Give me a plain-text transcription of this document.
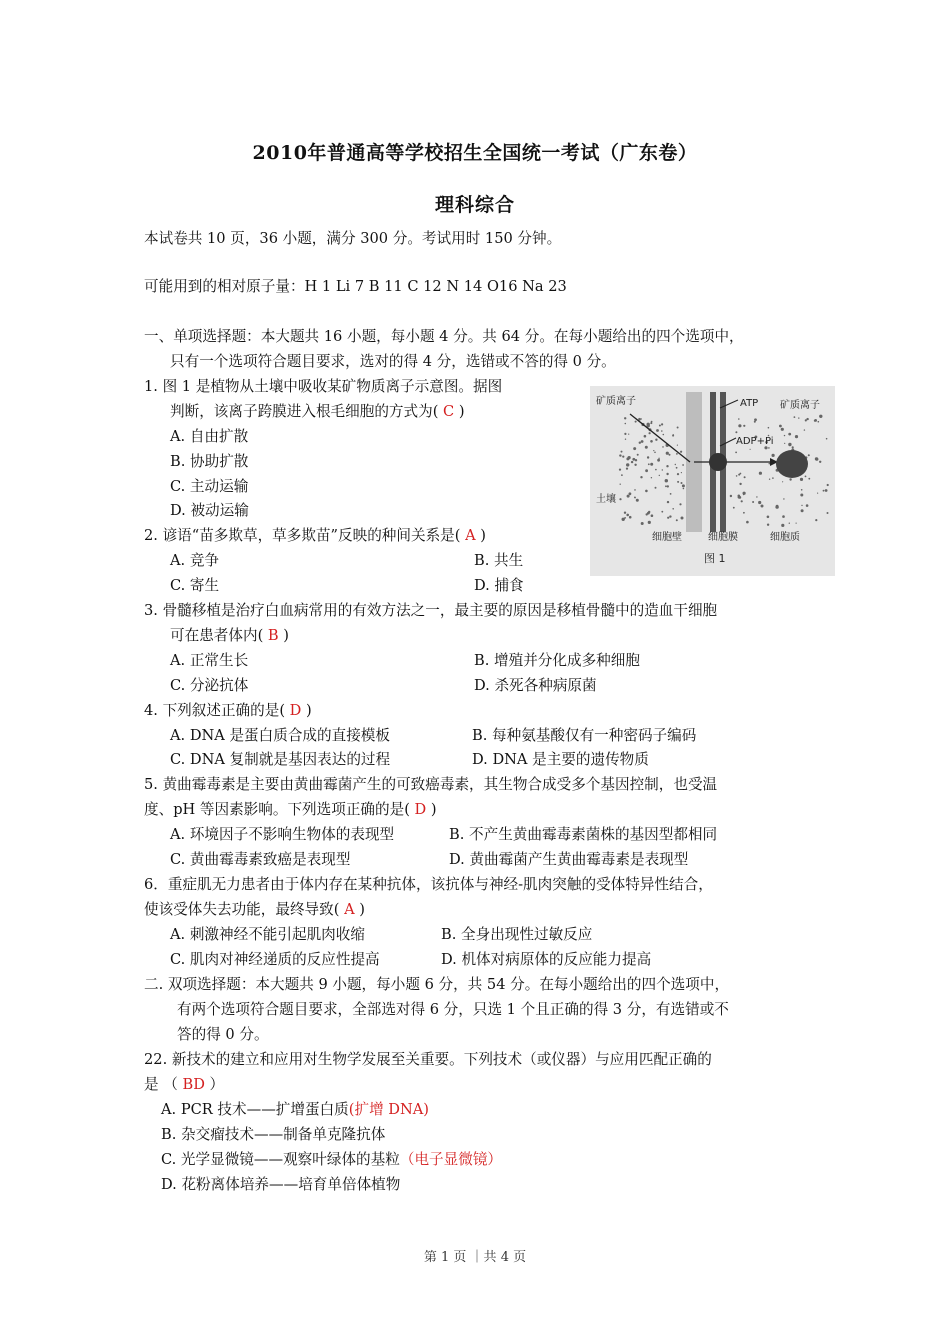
2010年普通高等学校招生全国统一考试（广东卷）
理科综合
本试卷共 10 页，36 小题，满分 300 分。考试用时 150 分钟。
可能用到的相对原子量：H 1 Li 7 B 11 C 12 N 14 O16 Na 23
一、单项选择题：本大题共 16 小题，每小题 4 分。共 64 分。在每小题给出的四个选项中，
只有一个选项符合题目要求，选对的得 4 分，选错或不答的得 0 分。
1. 图 1 是植物从土壤中吸收某矿物质离子示意图。据图
判断，该离子跨膜进入根毛细胞的方式为( C )
A. 自由扩散
B. 协助扩散
C. 主动运输
D. 被动运输
2. 谚语“苗多欺草，草多欺苗”反映的种间关系是( A )
A. 竞争	B. 共生
C. 寄生	D. 捕食
3. 骨髓移植是治疗白血病常用的有效方法之一，最主要的原因是移植骨髓中的造血干细胞
可在患者体内( B )
A. 正常生长	B. 增殖并分化成多种细胞
C. 分泌抗体	D. 杀死各种病原菌
4. 下列叙述正确的是( D )
A. DNA 是蛋白质合成的直接模板	B. 每种氨基酸仅有一种密码子编码
C. DNA 复制就是基因表达的过程	D. DNA 是主要的遗传物质
5. 黄曲霉毒素是主要由黄曲霉菌产生的可致癌毒素，其生物合成受多个基因控制，也受温
度、pH 等因素影响。下列选项正确的是( D )
A. 环境因子不影响生物体的表现型	B. 不产生黄曲霉毒素菌株的基因型都相同
C. 黄曲霉毒素致癌是表现型	D. 黄曲霉菌产生黄曲霉毒素是表现型
6．重症肌无力患者由于体内存在某种抗体，该抗体与神经-肌肉突触的受体特异性结合，
使该受体失去功能，最终导致( A )
A. 刺激神经不能引起肌肉收缩	B. 全身出现性过敏反应
C. 肌肉对神经递质的反应性提高	D. 机体对病原体的反应能力提高
二. 双项选择题：本大题共 9 小题，每小题 6 分，共 54 分。在每小题给出的四个选项中，
有两个选项符合题目要求，全部选对得 6 分，只选 1 个且正确的得 3 分，有选错或不
答的得 0 分。
22. 新技术的建立和应用对生物学发展至关重要。下列技术（或仪器）与应用匹配正确的
是 （ BD ）
A. PCR 技术——扩增蛋白质(扩增 DNA)
B. 杂交瘤技术——制备单克隆抗体
C. 光学显微镜——观察叶绿体的基粒（电子显微镜）
D. 花粉离体培养——培育单倍体植物
矿质离子
土壤
ATP
ADP+Pi
矿质离子
细胞壁	细胞膜	细胞质
图 1
第 1 页 ｜共 4 页
